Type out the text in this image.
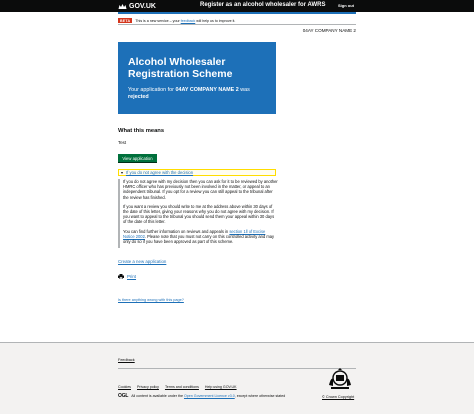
GOV.UK	Register as an alcohol wholesaler for AWRS	Sign out
BETA	This is a new service – your feedback will help us to improve it.
04AY COMPANY NAME 2
Alcohol Wholesaler Registration Scheme
Your application for 04AY COMPANY NAME 2 was
rejected
What this means
Test
View application
If you do not agree with the decision

If you do not agree with my decision then you can ask for it to be reviewed by another HMRC officer who has previously not been involved in the matter, or appeal to an independent tribunal. If you opt for a review you can still appeal to the tribunal after the review has finished.

If you want a review you should write to me at the address above within 30 days of the date of this letter, giving your reasons why you do not agree with my decision. If you want to appeal to the tribunal you should send them your appeal within 30 days of the date of this letter.

You can find further information on reviews and appeals in section 1ll of Excise Notice 2002. Please note that you must not carry on this controlled activity and may only do so if you have been approved as part of this scheme.

Create a new application
Print
Is there anything wrong with this page?
Feedback
Cookies Privacy policy Terms and conditions Help using GOV.UK
OGL All content is available under the
Open Government Licence v3.0 , except where otherwise stated	© Crown Copyright
